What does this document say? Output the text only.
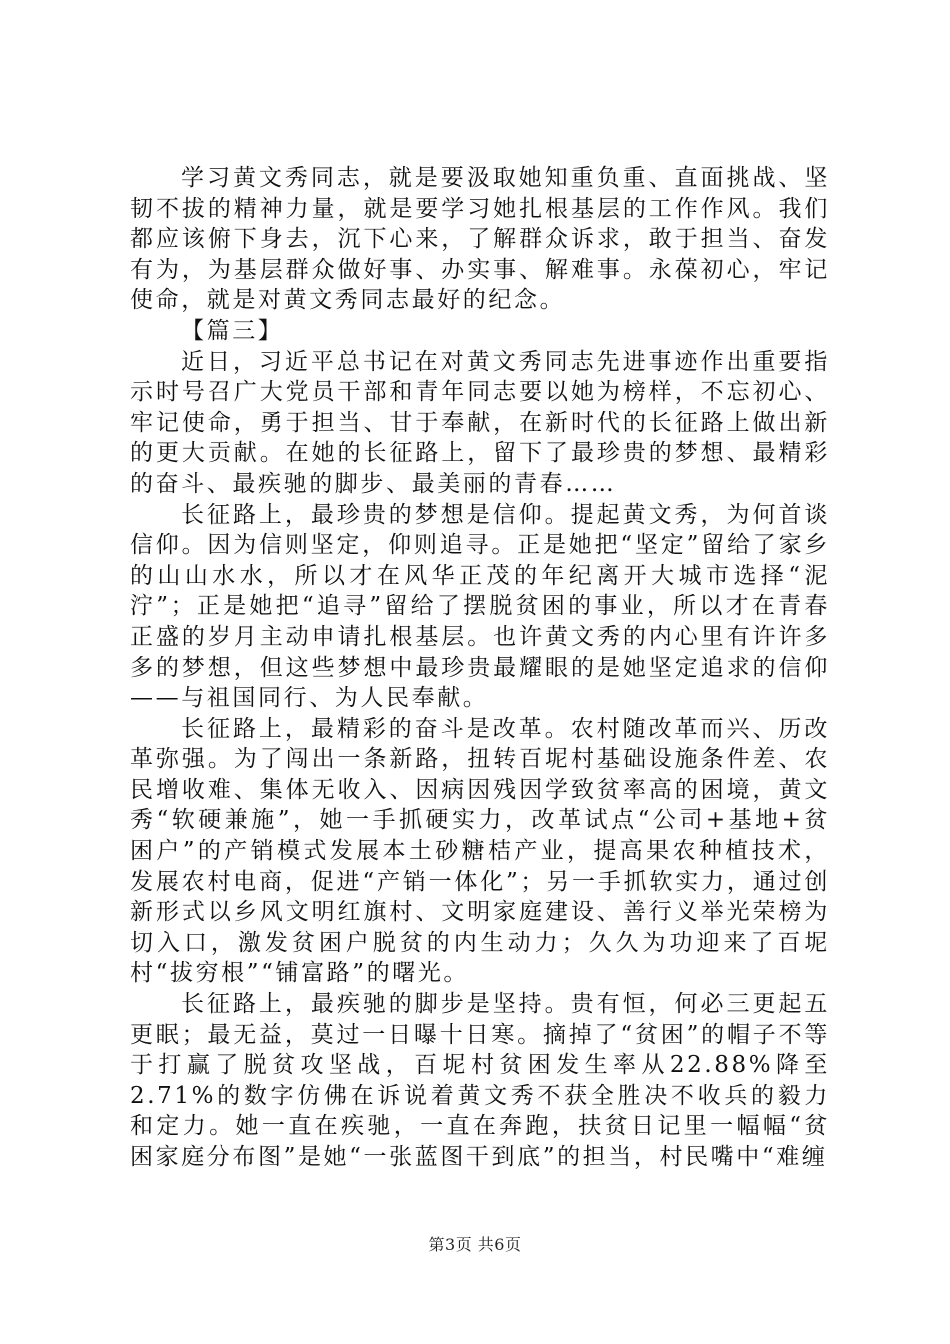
学习黄文秀同志，就是要汲取她知重负重、直面挑战、坚韧不拔的精神力量，就是要学习她扎根基层的工作作风。我们都应该俯下身去，沉下心来，了解群众诉求，敢于担当、奋发有为，为基层群众做好事、办实事、解难事。永葆初心，牢记使命，就是对黄文秀同志最好的纪念。

【篇三】

近日，习近平总书记在对黄文秀同志先进事迹作出重要指示时号召广大党员干部和青年同志要以她为榜样，不忘初心、牢记使命，勇于担当、甘于奉献，在新时代的长征路上做出新的更大贡献。在她的长征路上，留下了最珍贵的梦想、最精彩的奋斗、最疾驰的脚步、最美丽的青春……

长征路上，最珍贵的梦想是信仰。提起黄文秀，为何首谈信仰。因为信则坚定，仰则追寻。正是她把“坚定”留给了家乡的山山水水，所以才在风华正茂的年纪离开大城市选择“泥泞”；正是她把“追寻”留给了摆脱贫困的事业，所以才在青春正盛的岁月主动申请扎根基层。也许黄文秀的内心里有许许多多的梦想，但这些梦想中最珍贵最耀眼的是她坚定追求的信仰——与祖国同行、为人民奉献。

长征路上，最精彩的奋斗是改革。农村随改革而兴、历改革弥强。为了闯出一条新路，扭转百坭村基础设施条件差、农民增收难、集体无收入、因病因残因学致贫率高的困境，黄文秀“软硬兼施”，她一手抓硬实力，改革试点“公司+基地+贫困户”的产销模式发展本土砂糖桔产业，提高果农种植技术，发展农村电商，促进“产销一体化”；另一手抓软实力，通过创新形式以乡风文明红旗村、文明家庭建设、善行义举光荣榜为切入口，激发贫困户脱贫的内生动力；久久为功迎来了百坭村“拔穷根”“铺富路”的曙光。

长征路上，最疾驰的脚步是坚持。贵有恒，何必三更起五更眠；最无益，莫过一日曝十日寒。摘掉了“贫困”的帽子不等于打赢了脱贫攻坚战，百坭村贫困发生率从22.88%降至2.71%的数字仿佛在诉说着黄文秀不获全胜决不收兵的毅力和定力。她一直在疾驰，一直在奔跑，扶贫日记里一幅幅“贫困家庭分布图”是她“一张蓝图干到底”的担当，村民嘴中“难缠

第3页 共6页
